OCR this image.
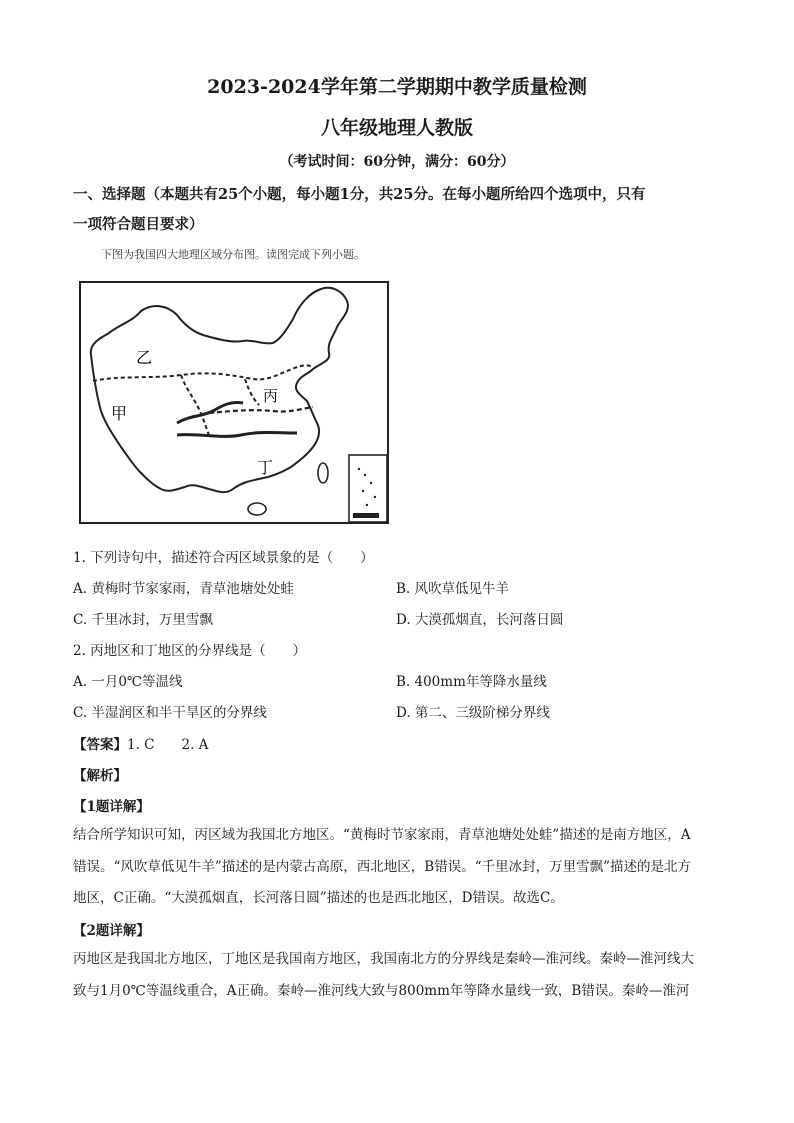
2023-2024学年第二学期期中教学质量检测
八年级地理人教版
（考试时间：60分钟，满分：60分）
一、选择题（本题共有25个小题，每小题1分，共25分。在每小题所给四个选项中，只有
一项符合题目要求）
下图为我国四大地理区域分布图。读图完成下列小题。
乙
丙
甲
丁
1. 下列诗句中，描述符合丙区域景象的是（　　）
A. 黄梅时节家家雨，青草池塘处处蛙	B. 风吹草低见牛羊
C. 千里冰封，万里雪飘	D. 大漠孤烟直，长河落日圆
2. 丙地区和丁地区的分界线是（　　）
A. 一月0℃等温线	B. 400mm年等降水量线
C. 半湿润区和半干旱区的分界线	D. 第二、三级阶梯分界线
【答案】1. C　　2. A
【解析】
【1题详解】
结合所学知识可知，丙区域为我国北方地区。“黄梅时节家家雨，青草池塘处处蛙”描述的是南方地区，A
错误。“风吹草低见牛羊”描述的是内蒙古高原，西北地区，B错误。“千里冰封，万里雪飘”描述的是北方
地区，C正确。“大漠孤烟直，长河落日圆”描述的也是西北地区，D错误。故选C。
【2题详解】
丙地区是我国北方地区，丁地区是我国南方地区，我国南北方的分界线是秦岭—淮河线。秦岭—淮河线大
致与1月0℃等温线重合，A正确。秦岭—淮河线大致与800mm年等降水量线一致，B错误。秦岭—淮河
